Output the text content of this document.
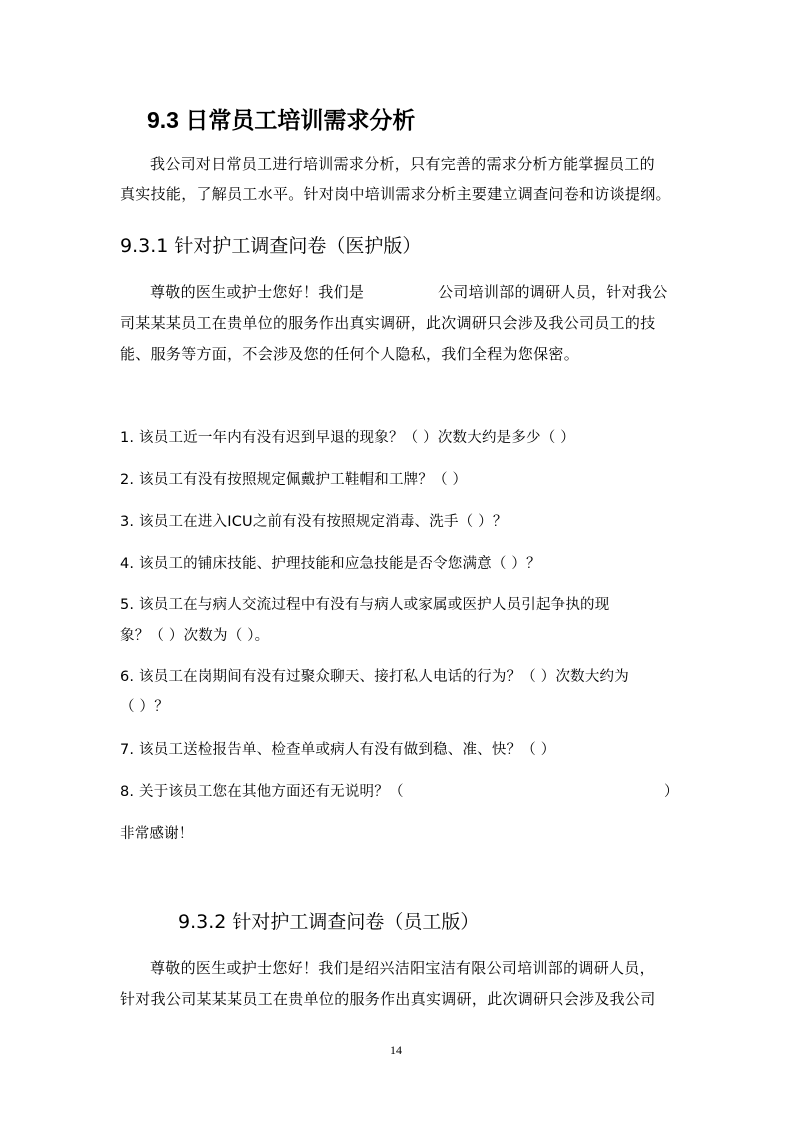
9.3 日常员工培训需求分析
我公司对日常员工进行培训需求分析，只有完善的需求分析方能掌握员工的
真实技能，了解员工水平。针对岗中培训需求分析主要建立调查问卷和访谈提纲。
9.3.1 针对护工调查问卷（医护版）
尊敬的医生或护士您好！我们是	公司培训部的调研人员，针对我公
司某某某员工在贵单位的服务作出真实调研，此次调研只会涉及我公司员工的技
能、服务等方面，不会涉及您的任何个人隐私，我们全程为您保密。
1. 该员工近一年内有没有迟到早退的现象？（ ）次数大约是多少（ ）
2. 该员工有没有按照规定佩戴护工鞋帽和工牌？（ ）
3. 该员工在进入ICU之前有没有按照规定消毒、洗手（ ）？
4. 该员工的铺床技能、护理技能和应急技能是否令您满意（ ）？
5. 该员工在与病人交流过程中有没有与病人或家属或医护人员引起争执的现
象？（ ）次数为（ ）。
6. 该员工在岗期间有没有过聚众聊天、接打私人电话的行为？（ ）次数大约为
（ ）？
7. 该员工送检报告单、检查单或病人有没有做到稳、准、快？（ ）
8. 关于该员工您在其他方面还有无说明？（	）
非常感谢！
9.3.2 针对护工调查问卷（员工版）
尊敬的医生或护士您好！我们是绍兴洁阳宝洁有限公司培训部的调研人员，
针对我公司某某某员工在贵单位的服务作出真实调研，此次调研只会涉及我公司
14
